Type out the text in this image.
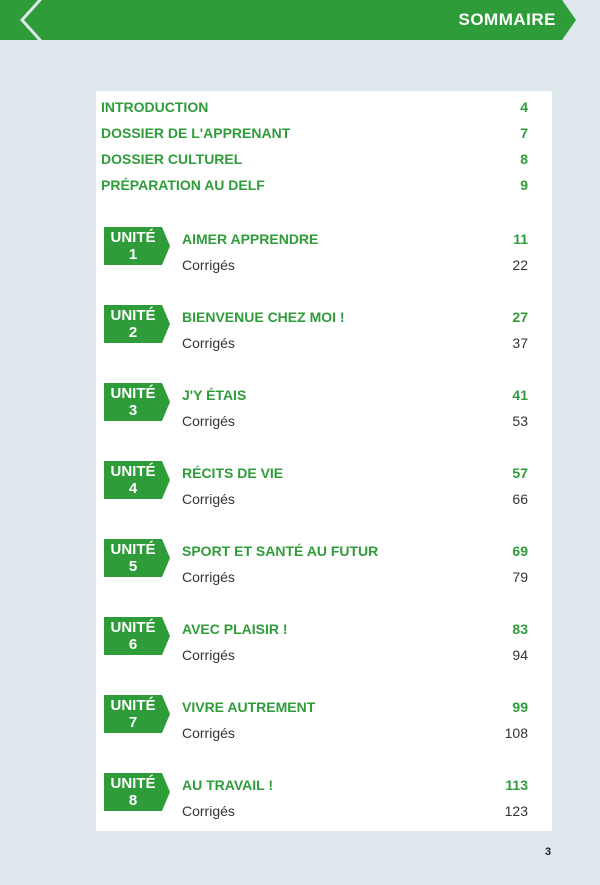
SOMMAIRE
INTRODUCTION	4
DOSSIER DE L'APPRENANT	7
DOSSIER CULTUREL	8
PRÉPARATION AU DELF	9
UNITÉ
1
AIMER APPRENDRE	11
Corrigés	22
UNITÉ
2
BIENVENUE CHEZ MOI !	27
Corrigés	37
UNITÉ
3
J'Y ÉTAIS	41
Corrigés	53
UNITÉ
4
RÉCITS DE VIE	57
Corrigés	66
UNITÉ
5
SPORT ET SANTÉ AU FUTUR	69
Corrigés	79
UNITÉ
6
AVEC PLAISIR !	83
Corrigés	94
UNITÉ
7
VIVRE AUTREMENT	99
Corrigés	108
UNITÉ
8
AU TRAVAIL !	113
Corrigés	123
3
